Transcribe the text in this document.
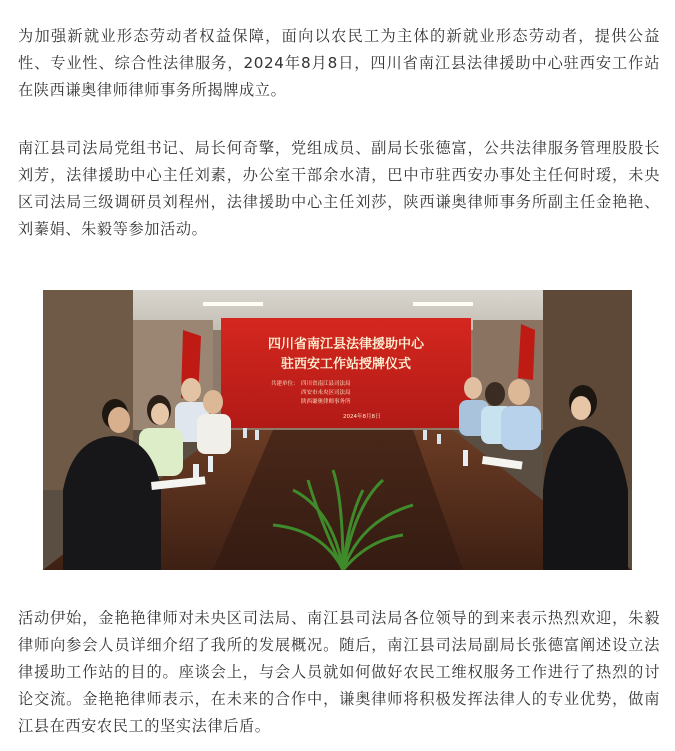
为加强新就业形态劳动者权益保障，面向以农民工为主体的新就业形态劳动者，提供公益性、专业性、综合性法律服务，2024年8月8日，四川省南江县法律援助中心驻西安工作站在陕西谦奥律师律师事务所揭牌成立。

南江县司法局党组书记、局长何奇擎，党组成员、副局长张德富，公共法律服务管理股股长刘芳，法律援助中心主任刘素，办公室干部余水清，巴中市驻西安办事处主任何时瑷，未央区司法局三级调研员刘程州，法律援助中心主任刘莎，陕西谦奥律师事务所副主任金艳艳、刘蓁娟、朱毅等参加活动。

四川省南江县法律援助中心
驻西安工作站授牌仪式
共建单位： 四川省南江县司法局
西安市未央区司法局
陕西谦奥律师事务所
2024年8月8日

活动伊始，金艳艳律师对未央区司法局、南江县司法局各位领导的到来表示热烈欢迎，朱毅律师向参会人员详细介绍了我所的发展概况。随后，南江县司法局副局长张德富阐述设立法律援助工作站的目的。座谈会上，与会人员就如何做好农民工维权服务工作进行了热烈的讨论交流。金艳艳律师表示，在未来的合作中，谦奥律师将积极发挥法律人的专业优势，做南江县在西安农民工的坚实法律后盾。
